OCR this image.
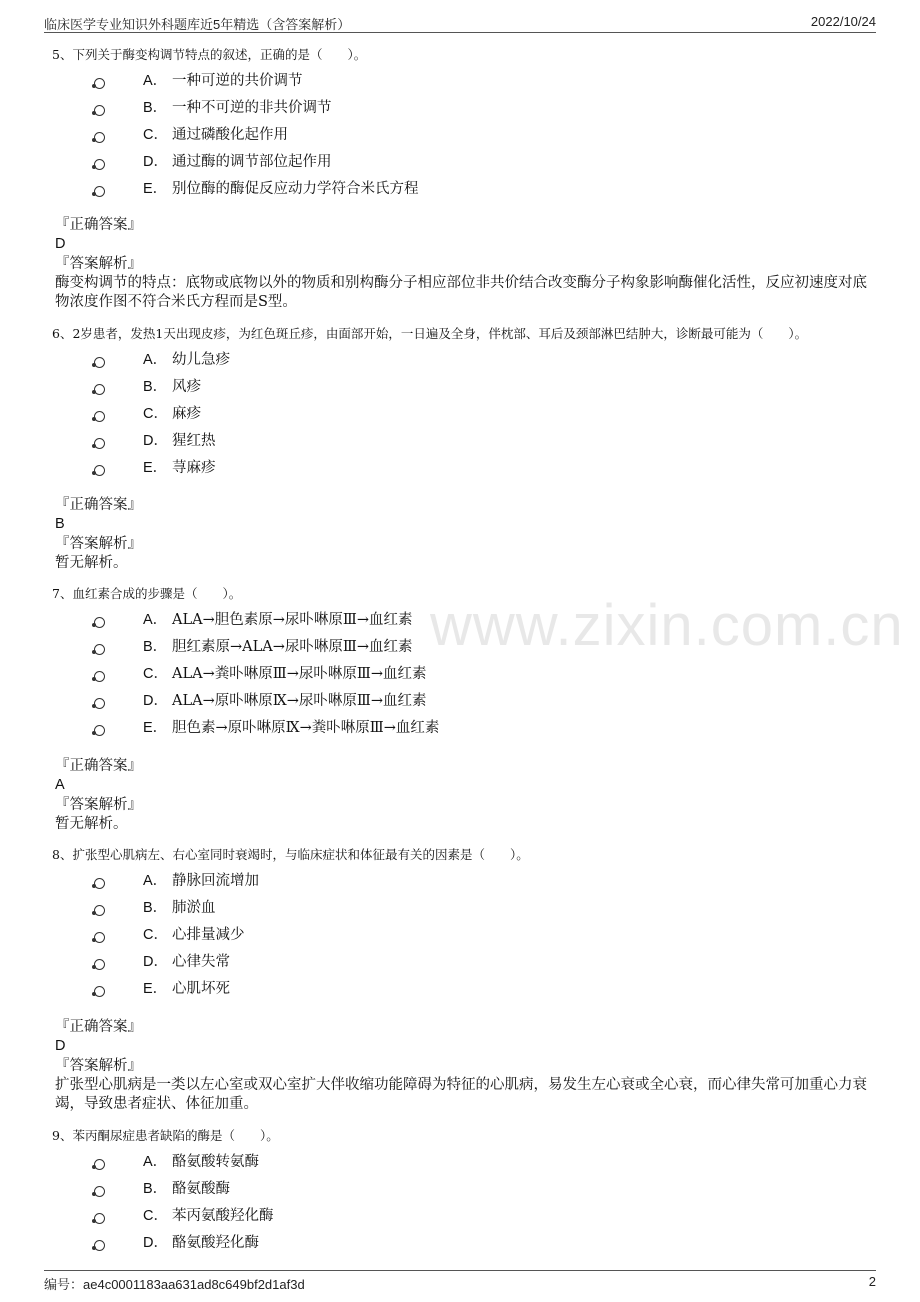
临床医学专业知识外科题库近5年精选（含答案解析）	2022/10/24
www.zixin.com.cn

5、下列关于酶变构调节特点的叙述，正确的是（　　）。

A． 一种可逆的共价调节
B． 一种不可逆的非共价调节
C． 通过磷酸化起作用
D． 通过酶的调节部位起作用
E． 别位酶的酶促反应动力学符合米氏方程
『正确答案』
D
『答案解析』
酶变构调节的特点：底物或底物以外的物质和别构酶分子相应部位非共价结合改变酶分子构象影响酶催化活性，反应初速度对底物浓度作图不符合米氏方程而是S型。

6、2岁患者，发热1天出现皮疹，为红色斑丘疹，由面部开始，一日遍及全身，伴枕部、耳后及颈部淋巴结肿大，诊断最可能为（　　）。

A． 幼儿急疹
B． 风疹
C． 麻疹
D． 猩红热
E． 荨麻疹
『正确答案』
B
『答案解析』
暂无解析。

7、血红素合成的步骤是（　　）。

A． ALA→胆色素原→尿卟啉原Ⅲ→血红素
B． 胆红素原→ALA→尿卟啉原Ⅲ→血红素
C． ALA→粪卟啉原Ⅲ→尿卟啉原Ⅲ→血红素
D． ALA→原卟啉原Ⅸ→尿卟啉原Ⅲ→血红素
E． 胆色素→原卟啉原Ⅸ→粪卟啉原Ⅲ→血红素
『正确答案』
A
『答案解析』
暂无解析。

8、扩张型心肌病左、右心室同时衰竭时，与临床症状和体征最有关的因素是（　　）。

A． 静脉回流增加
B． 肺淤血
C． 心排量减少
D． 心律失常
E． 心肌坏死
『正确答案』
D
『答案解析』
扩张型心肌病是一类以左心室或双心室扩大伴收缩功能障碍为特征的心肌病，易发生左心衰或全心衰，而心律失常可加重心力衰竭，导致患者症状、体征加重。

9、苯丙酮尿症患者缺陷的酶是（　　）。

A． 酪氨酸转氨酶
B． 酪氨酸酶
C． 苯丙氨酸羟化酶
D． 酪氨酸羟化酶
编号：ae4c0001183aa631ad8c649bf2d1af3d	2
